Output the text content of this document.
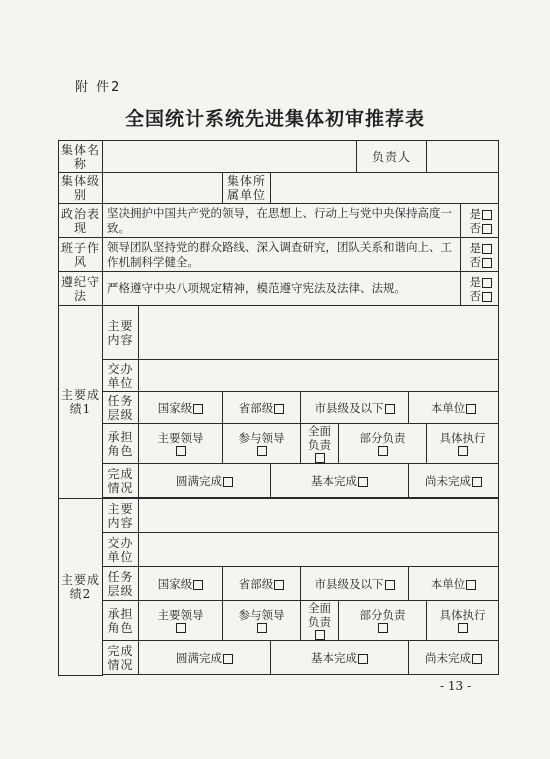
附 件2
全国统计系统先进集体初审推荐表
集体名称							负责人			
集体级别			集体所属单位							
政治表现	坚决拥护中国共产党的领导，在思想上、行动上与党中央保持高度一致。									是
否

班子作风	领导团队坚持党的群众路线、深入调查研究，团队关系和谐向上、工作机制科学健全。									是
否

遵纪守法	严格遵守中央八项规定精神，模范遵守宪法及法律、法规。									是
否

主要成绩1	主要内容									
	交办单位									
	任务层级	国家级	省部级		市县级及以下			本单位		
	承担角色	主要领导	参与领导		全面负责	部分负责			具体执行	

	完成情况	圆满完成		基本完成				尚未完成		

主要成绩2	主要内容									
	交办单位									
	任务层级	国家级	省部级		市县级及以下			本单位		
	承担角色	主要领导	参与领导		全面负责	部分负责			具体执行	

	完成情况	圆满完成		基本完成				尚未完成		

- 13 -
